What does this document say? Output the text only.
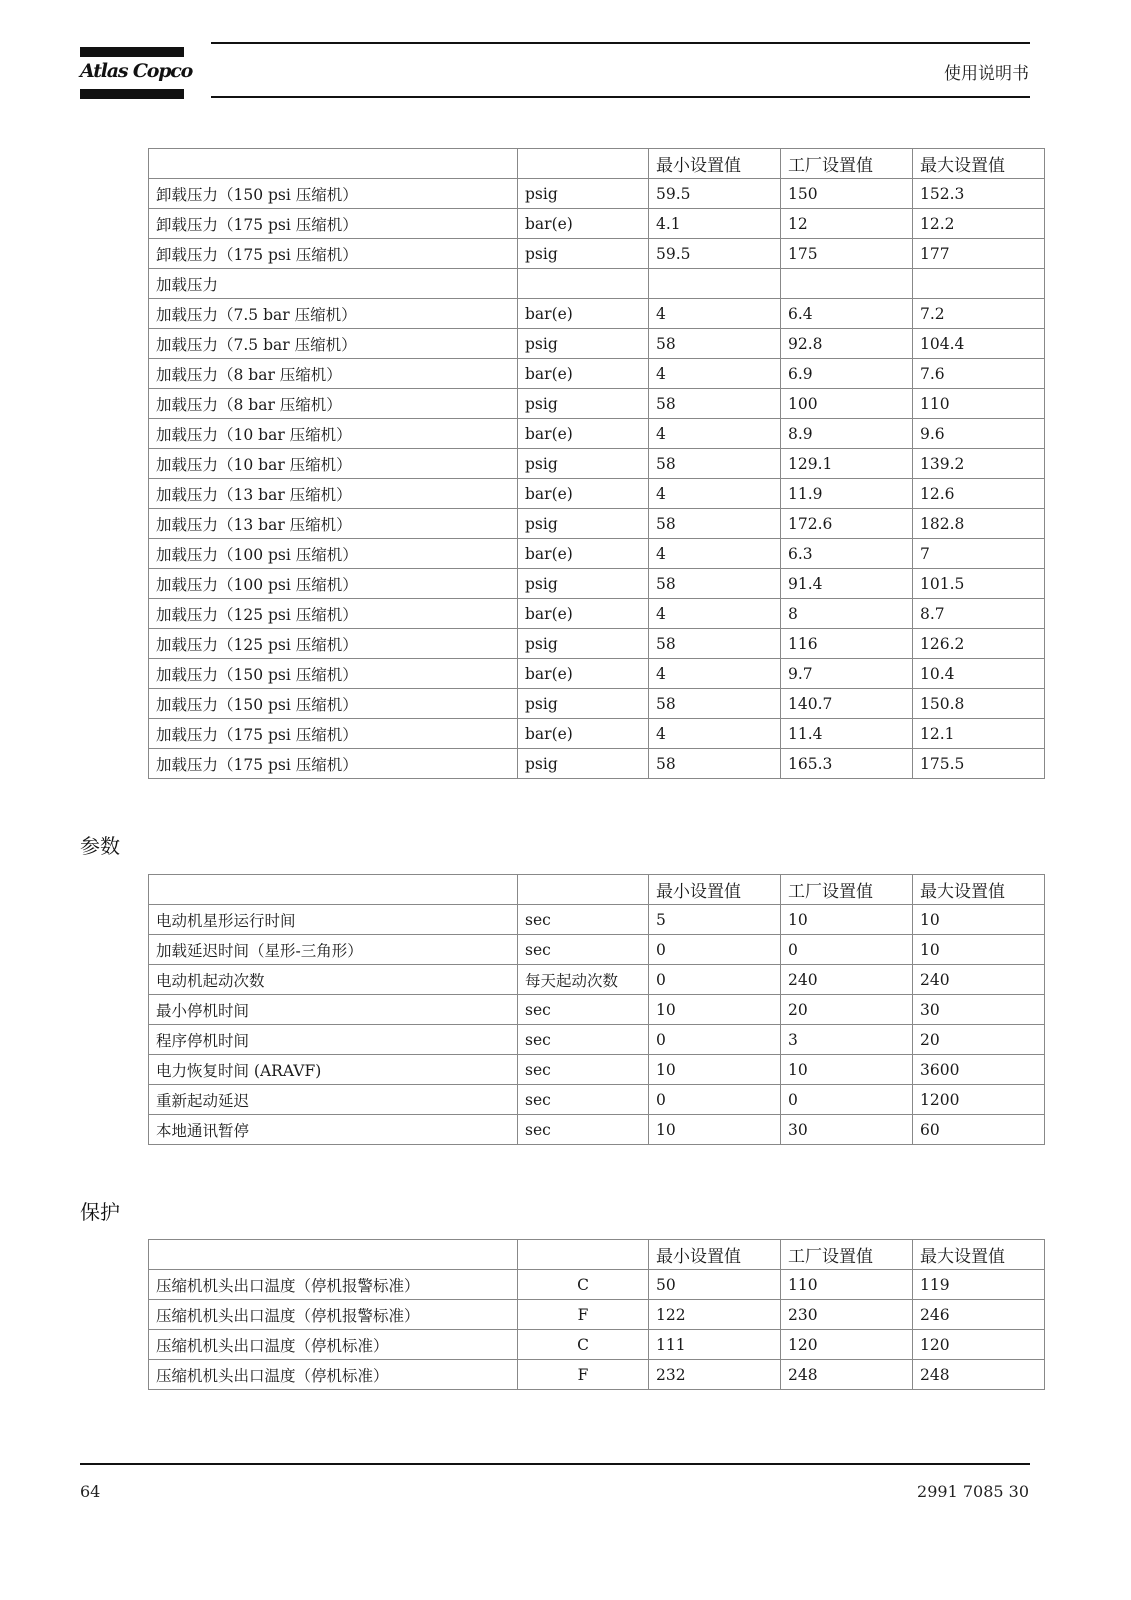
Atlas Copco	使用说明书
		最小设置值	工厂设置值	最大设置值
卸载压力（150 psi 压缩机）	psig	59.5	150	152.3
卸载压力（175 psi 压缩机）	bar(e)	4.1	12	12.2
卸载压力（175 psi 压缩机）	psig	59.5	175	177
加载压力				
加载压力（7.5 bar 压缩机）	bar(e)	4	6.4	7.2
加载压力（7.5 bar 压缩机）	psig	58	92.8	104.4
加载压力（8 bar 压缩机）	bar(e)	4	6.9	7.6
加载压力（8 bar 压缩机）	psig	58	100	110
加载压力（10 bar 压缩机）	bar(e)	4	8.9	9.6
加载压力（10 bar 压缩机）	psig	58	129.1	139.2
加载压力（13 bar 压缩机）	bar(e)	4	11.9	12.6
加载压力（13 bar 压缩机）	psig	58	172.6	182.8
加载压力（100 psi 压缩机）	bar(e)	4	6.3	7
加载压力（100 psi 压缩机）	psig	58	91.4	101.5
加载压力（125 psi 压缩机）	bar(e)	4	8	8.7
加载压力（125 psi 压缩机）	psig	58	116	126.2
加载压力（150 psi 压缩机）	bar(e)	4	9.7	10.4
加载压力（150 psi 压缩机）	psig	58	140.7	150.8
加载压力（175 psi 压缩机）	bar(e)	4	11.4	12.1
加载压力（175 psi 压缩机）	psig	58	165.3	175.5
参数
		最小设置值	工厂设置值	最大设置值
电动机星形运行时间	sec	5	10	10
加载延迟时间（星形-三角形）	sec	0	0	10
电动机起动次数	每天起动次数	0	240	240
最小停机时间	sec	10	20	30
程序停机时间	sec	0	3	20
电力恢复时间 (ARAVF)	sec	10	10	3600
重新起动延迟	sec	0	0	1200
本地通讯暂停	sec	10	30	60
保护
		最小设置值	工厂设置值	最大设置值
压缩机机头出口温度（停机报警标准）	C	50	110	119
压缩机机头出口温度（停机报警标准）	F	122	230	246
压缩机机头出口温度（停机标准）	C	111	120	120
压缩机机头出口温度（停机标准）	F	232	248	248
64	2991 7085 30
